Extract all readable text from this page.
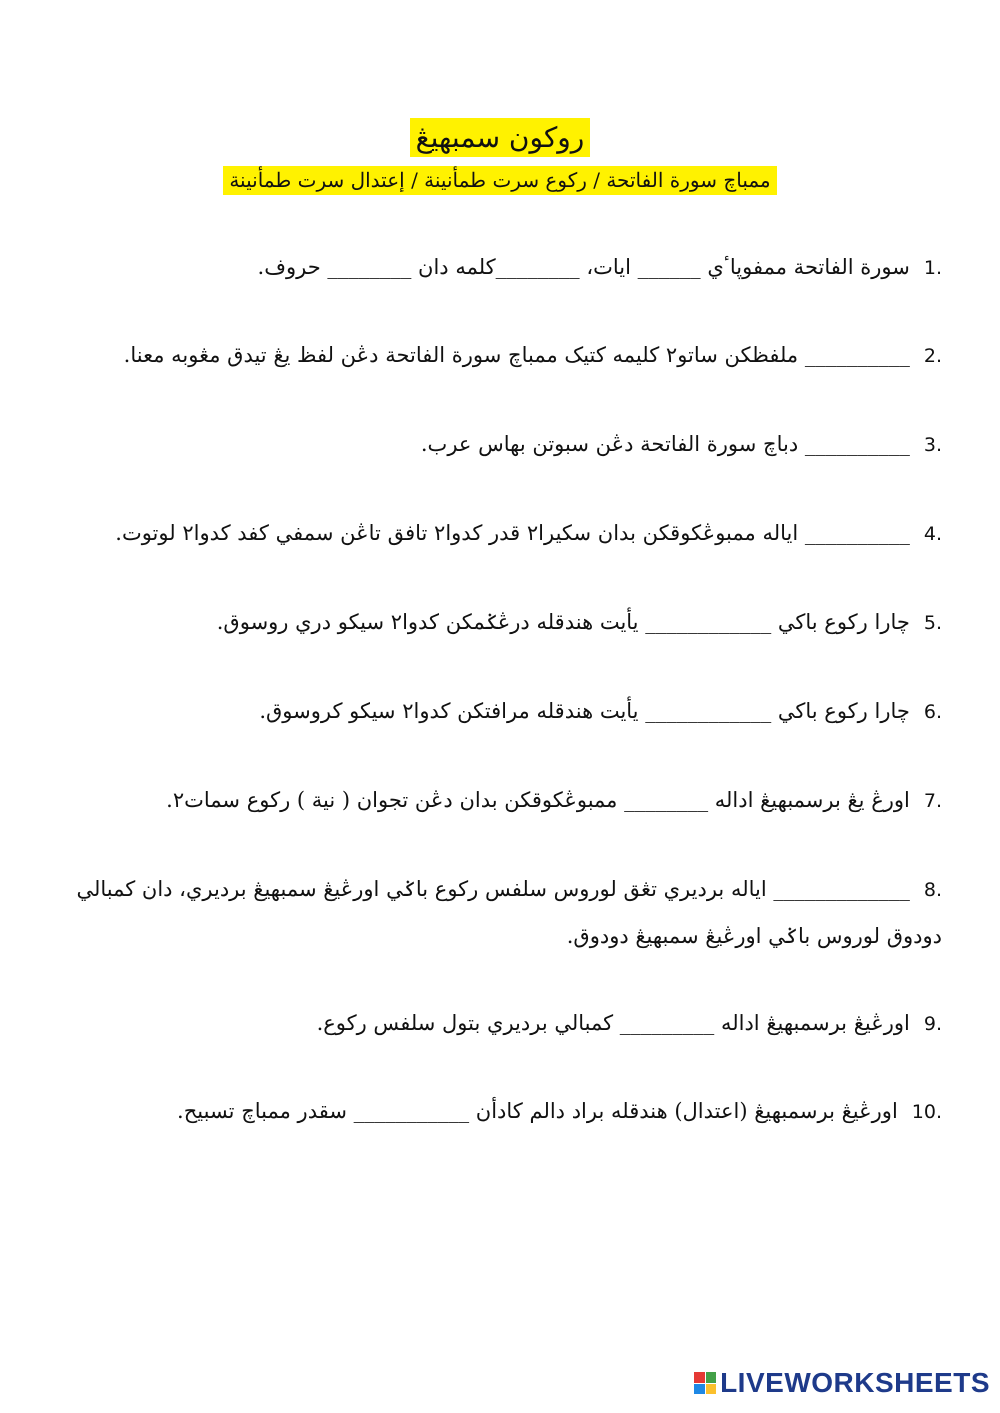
روکون سمبهيڠ
ممباچ سورة الفاتحة / رکوع سرت طمأنينة / إعتدال سرت طمأنينة
1.سورة الفاتحة ممفوڽاٴي ______ ايات، ________کلمه دان ________ حروف.
2.__________ ملفظکن ساتو٢ کليمه کتيک ممباچ سورة الفاتحة دڠن لفظ يڠ تيدق مڠوبه معنا.
3.__________ دباچ سورة الفاتحة دڠن سبوتن بهاس عرب.
4.__________ اياله ممبوڠکوقکن بدان سکيرا٢ قدر کدوا٢ تافق تاڠن سمفي کفد کدوا٢ لوتوت.
5.چارا رکوع باکي ____________ يأيت هندقله درڠݢمکن کدوا٢ سيکو دري روسوق.
6.چارا رکوع باکي ____________ يأيت هندقله مرافتکن کدوا٢ سيکو کروسوق.
7.اورڠ يڠ برسمبهيڠ اداله ________ ممبوڠکوقکن بدان دڠن تجوان ( نية ) رکوع سمات٢.
8._____________ اياله برديري تڠق لوروس سلفس رکوع باݢي اورڠيڠ سمبهيڠ برديري، دان کمبالي دودوق لوروس باݢي اورڠيڠ سمبهيڠ دودوق.
9.اورڠيڠ برسمبهيڠ اداله _________ کمبالي برديري بتول سلفس رکوع.
10.اورڠيڠ برسمبهيڠ (اعتدال) هندقله براد دالم کادأن ___________ سقدر ممباچ تسبيح.
LIVEWORKSHEETS
